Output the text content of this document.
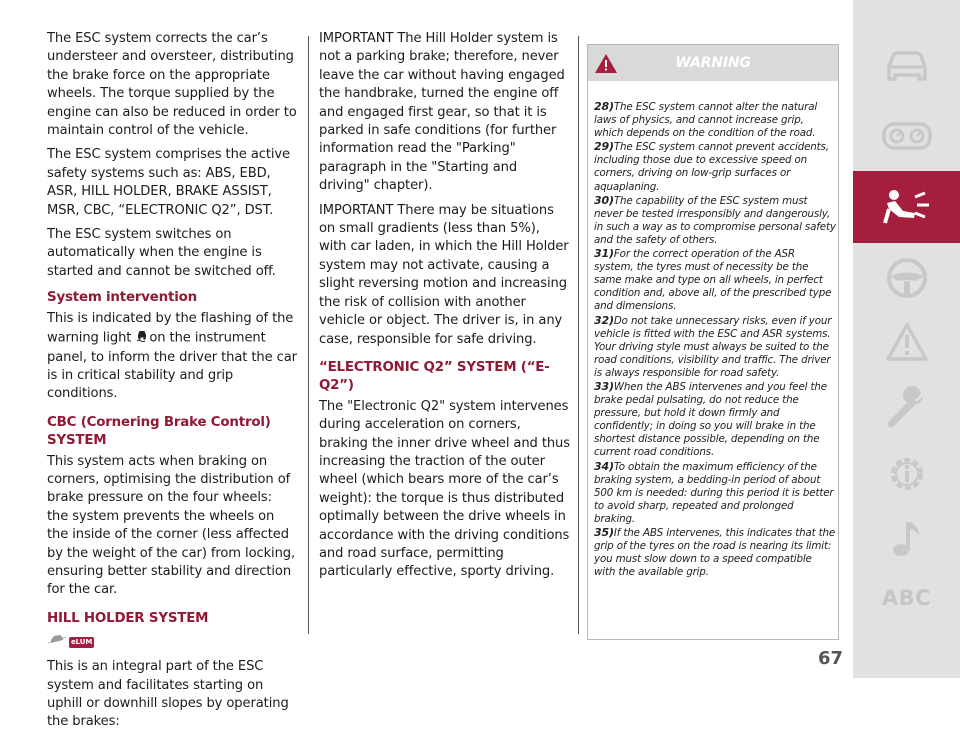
The ESC system corrects the car’s understeer and oversteer, distributing the brake force on the appropriate wheels. The torque supplied by the engine can also be reduced in order to maintain control of the vehicle.

The ESC system comprises the active safety systems such as: ABS, EBD, ASR, HILL HOLDER, BRAKE ASSIST, MSR, CBC, “ELECTRONIC Q2”, DST.

The ESC system switches on automatically when the engine is started and cannot be switched off.

System intervention

This is indicated by the flashing of the warning light on the instrument panel, to inform the driver that the car is in critical stability and grip conditions.

CBC (Cornering Brake Control) SYSTEM

This system acts when braking on corners, optimising the distribution of brake pressure on the four wheels: the system prevents the wheels on the inside of the corner (less affected by the weight of the car) from locking, ensuring better stability and direction for the car.

HILL HOLDER SYSTEM
eLUM

This is an integral part of the ESC system and facilitates starting on uphill or downhill slopes by operating the brakes:

IMPORTANT The Hill Holder system is not a parking brake; therefore, never leave the car without having engaged the handbrake, turned the engine off and engaged first gear, so that it is parked in safe conditions (for further information read the "Parking" paragraph in the "Starting and driving" chapter).

IMPORTANT There may be situations on small gradients (less than 5%), with car laden, in which the Hill Holder system may not activate, causing a slight reversing motion and increasing the risk of collision with another vehicle or object. The driver is, in any case, responsible for safe driving.

“ELECTRONIC Q2” SYSTEM (“E-Q2”)

The "Electronic Q2" system intervenes during acceleration on corners, braking the inner drive wheel and thus increasing the traction of the outer wheel (which bears more of the car’s weight): the torque is thus distributed optimally between the drive wheels in accordance with the driving conditions and road surface, permitting particularly effective, sporty driving.

WARNING

28)The ESC system cannot alter the natural laws of physics, and cannot increase grip, which depends on the condition of the road.

29)The ESC system cannot prevent accidents, including those due to excessive speed on corners, driving on low-grip surfaces or aquaplaning.

30)The capability of the ESC system must never be tested irresponsibly and dangerously, in such a way as to compromise personal safety and the safety of others.

31)For the correct operation of the ASR system, the tyres must of necessity be the same make and type on all wheels, in perfect condition and, above all, of the prescribed type and dimensions.

32)Do not take unnecessary risks, even if your vehicle is fitted with the ESC and ASR systems. Your driving style must always be suited to the road conditions, visibility and traffic. The driver is always responsible for road safety.

33)When the ABS intervenes and you feel the brake pedal pulsating, do not reduce the pressure, but hold it down firmly and confidently; in doing so you will brake in the shortest distance possible, depending on the current road conditions.

34)To obtain the maximum efficiency of the braking system, a bedding-in period of about 500 km is needed: during this period it is better to avoid sharp, repeated and prolonged braking.

35)If the ABS intervenes, this indicates that the grip of the tyres on the road is nearing its limit: you must slow down to a speed compatible with the available grip.

67
ABC
